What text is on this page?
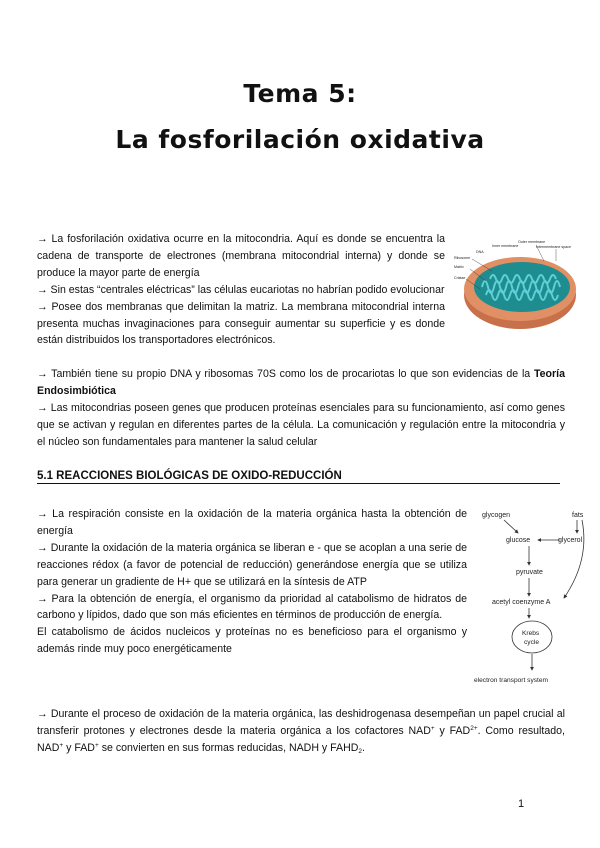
Tema 5:
La fosforilación oxidativa
→ La fosforilación oxidativa ocurre en la mitocondria. Aquí es donde se encuentra la cadena de transporte de electrones (membrana mitocondrial interna) y donde se produce la mayor parte de energía
→ Sin estas “centrales eléctricas” las células eucariotas no habrían podido evolucionar
→ Posee dos membranas que delimitan la matriz. La membrana mitocondrial interna presenta muchas invaginaciones para conseguir aumentar su superficie y es donde están distribuidos los transportadores electrónicos.
Outer membrane
Intermembrane space
Matrix
Cristae
Ribosome
DNA
Inner membrane
→ También tiene su propio DNA y ribosomas 70S como los de procariotas lo que son evidencias de la Teoría Endosimbiótica
→ Las mitocondrias poseen genes que producen proteínas esenciales para su funcionamiento, así como genes que se activan y regulan en diferentes partes de la célula. La comunicación y regulación entre la mitocondria y el núcleo son fundamentales para mantener la salud celular
5.1 REACCIONES BIOLÓGICAS DE OXIDO-REDUCCIÓN
→ La respiración consiste en la oxidación de la materia orgánica hasta la obtención de energía
→ Durante la oxidación de la materia orgánica se liberan e - que se acoplan a una serie de reacciones rédox (a favor de potencial de reducción) generándose energía que se utiliza para generar un gradiente de H+ que se utilizará en la síntesis de ATP
→ Para la obtención de energía, el organismo da prioridad al catabolismo de hidratos de carbono y lípidos, dado que son más eficientes en términos de producción de energía.
El catabolismo de ácidos nucleicos y proteínas no es beneficioso para el organismo y además rinde muy poco energéticamente
glycogen	fats
glucose	glycerol
pyruvate
acetyl coenzyme A
electron transport system
Krebs
cycle
→ Durante el proceso de oxidación de la materia orgánica, las deshidrogenasa desempeñan un papel crucial al transferir protones y electrones desde la materia orgánica a los cofactores NAD+ y $FAD^{2+}$. Como resultado, NAD+ y FAD+ se convierten en sus formas reducidas, NADH y $FAHD_2$.
1
